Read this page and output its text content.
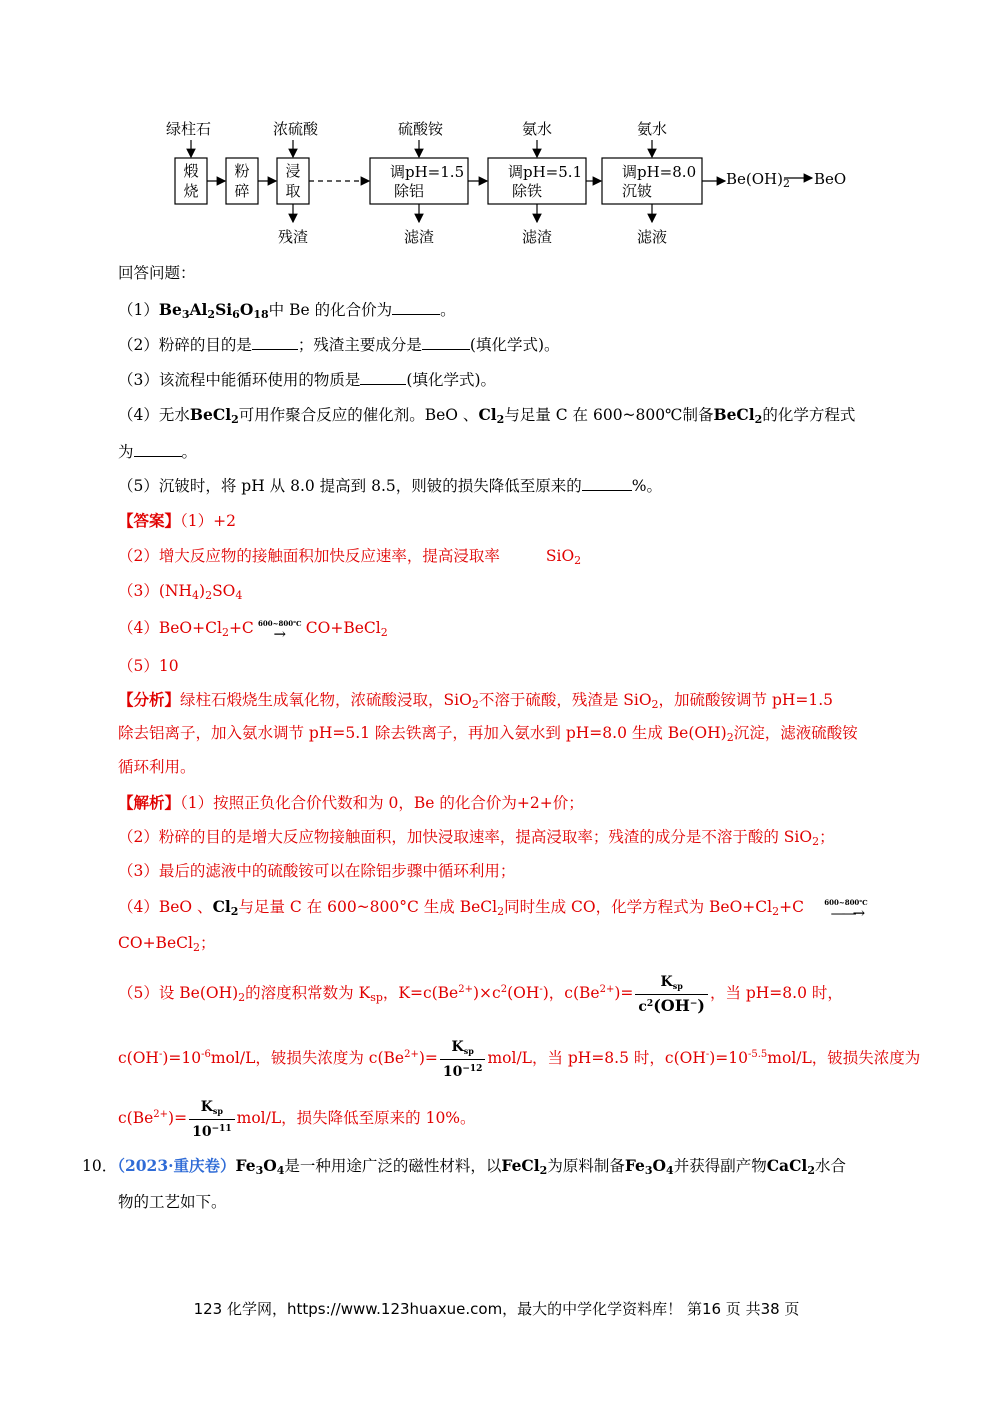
绿柱石	浓硫酸	硫酸铵	氨水	氨水
煅烧
粉碎
浸取
调pH=1.5
除铝
调pH=5.1
除铁
调pH=8.0
沉铍
$Be(OH)_2$ BeO
残渣	滤渣	滤渣	滤液
回答问题：
$(1)Be_3Al_2Si_6O_{18}$中 Be 的化合价为	。
（2）粉碎的目的是	；残渣主要成分是	(填化学式)。
（3）该流程中能循环使用的物质是	(填化学式)。
（4）无水BeCl$_2$可用作聚合反应的催化剂。BeO 、$Cl_2$与足量 C 在 600~800℃制备BeCl$_2$的化学方程式
为	。
（5）沉铍时，将 pH 从 8.0 提高到 8.5，则铍的损失降低至原来的	%。
【答案】（1）+2
（2）增大反应物的接触面积加快反应速率，提高浸取率	SiO$_2$
$(3)(NH_4)_2SO_4$
$(4)BeO+Cl_2+C$ 600~800℃
→	CO+BeCl$_2$
（5）10
【分析】绿柱石煅烧生成氧化物，浓硫酸浸取，SiO$_2$不溶于硫酸，残渣是 SiO$_2$，加硫酸铵调节 pH=1.5
除去铝离子，加入氨水调节 pH=5.1 除去铁离子，再加入氨水到 pH=8.0 生成 $Be(OH)_2$沉淀，滤液硫酸铵
循环利用。
【解析】（1）按照正负化合价代数和为 0，Be 的化合价为+2+价；
（2）粉碎的目的是增大反应物接触面积，加快浸取速率，提高浸取率；残渣的成分是不溶于酸的 SiO$_2$；
（3）最后的滤液中的硫酸铵可以在除铝步骤中循环利用；
（4）BeO 、$Cl_2$与足量 C 在 600~800°C 生成 BeCl$_2$同时生成 CO，化学方程式为 $BeO+Cl_2+C$	600~800℃
——→
CO+BeCl$_2$；
（5）设 $Be(OH)_2$的溶度积常数为 $K_{sp}$，$K=c(Be^{2+})\times c^2(OH^-)$，$c(Be^{2+})= \frac{K_{sp}}{c^2(OH^-)}$ ，当 pH=8.0 时，
$c(OH^-)=10^{-6}mol/L$，铍损失浓度为 $c(Be^{2+})= \frac{K_{sp}}{10^{-12}} mol/L$，当 pH=8.5 时，$c(OH^-)=10^{-5.5}mol/L$，铍损失浓度为
$c(Be^{2+})= \frac{K_{sp}}{10^{-11}} mol/L$，损失降低至原来的 10%。
10．（2023·重庆卷）$Fe_3O_4$是一种用途广泛的磁性材料，以FeCl$_2$为原料制备$Fe_3O_4$并获得副产物CaCl$_2$水合
物的工艺如下。
123 化学网，https://www.123huaxue.com，最大的中学化学资料库！ 第16 页 共38 页
